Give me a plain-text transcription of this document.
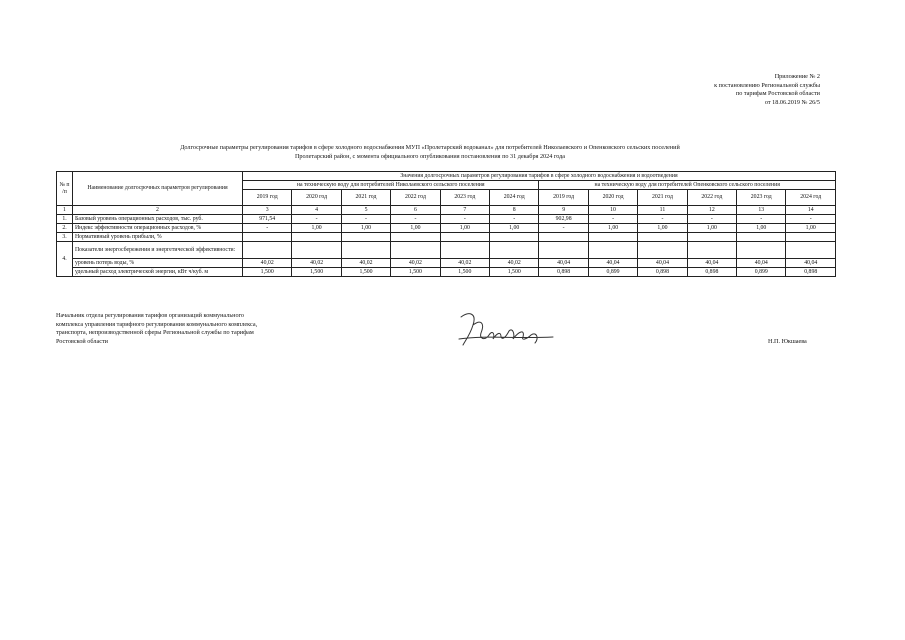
Приложение № 2
к постановлению Региональной службы
по тарифам Ростовской области
от 18.06.2019 № 26/5
Долгосрочные параметры регулирования тарифов в сфере холодного водоснабжения МУП «Пролетарский водоканал» для потребителей Николаевского и Опенковского сельских поселений
Пролетарский район, с момента официального опубликования постановления по 31 декабря 2024 года
№ п /п	Наименование долгосрочных параметров регулирования	Значения долгосрочных параметров регулирования тарифов в сфере холодного водоснабжения и водоотведения											
		на техническую воду для потребителей Николаевского сельского поселения						на техническую воду для потребителей Опенковского сельского поселения					
		2019 год	2020 год	2021 год	2022 год	2023 год	2024 год	2019 год	2020 год	2021 год	2022 год	2023 год	2024 год
1	2	3	4	5	6	7	8	9	10	11	12	13	14
1.	Базовый уровень операционных расходов, тыс. руб.	971,54	-	-	-	-	-	902,98	-	-	-	-	-
2.	Индекс эффективности операционных расходов, %	-	1,00	1,00	1,00	1,00	1,00	-	1,00	1,00	1,00	1,00	1,00
3.	Нормативный уровень прибыли, %												
4.	Показатели энергосбережения и энергетической эффективности:												
	уровень потерь воды, %	40,02	40,02	40,02	40,02	40,02	40,02	40,04	40,04	40,04	40,04	40,04	40,04
	удельный расход электрической энергии, кВт ч/куб. м	1,500	1,500	1,500	1,500	1,500	1,500	0,898	0,899	0,898	0,898	0,899	0,898
Начальник отдела регулирования тарифов организаций коммунального
комплекса управления тарифного регулирования коммунального комплекса,
транспорта, непроизводственной сферы Региональной службы по тарифам
Ростовской области	Н.П. Юкшаева
